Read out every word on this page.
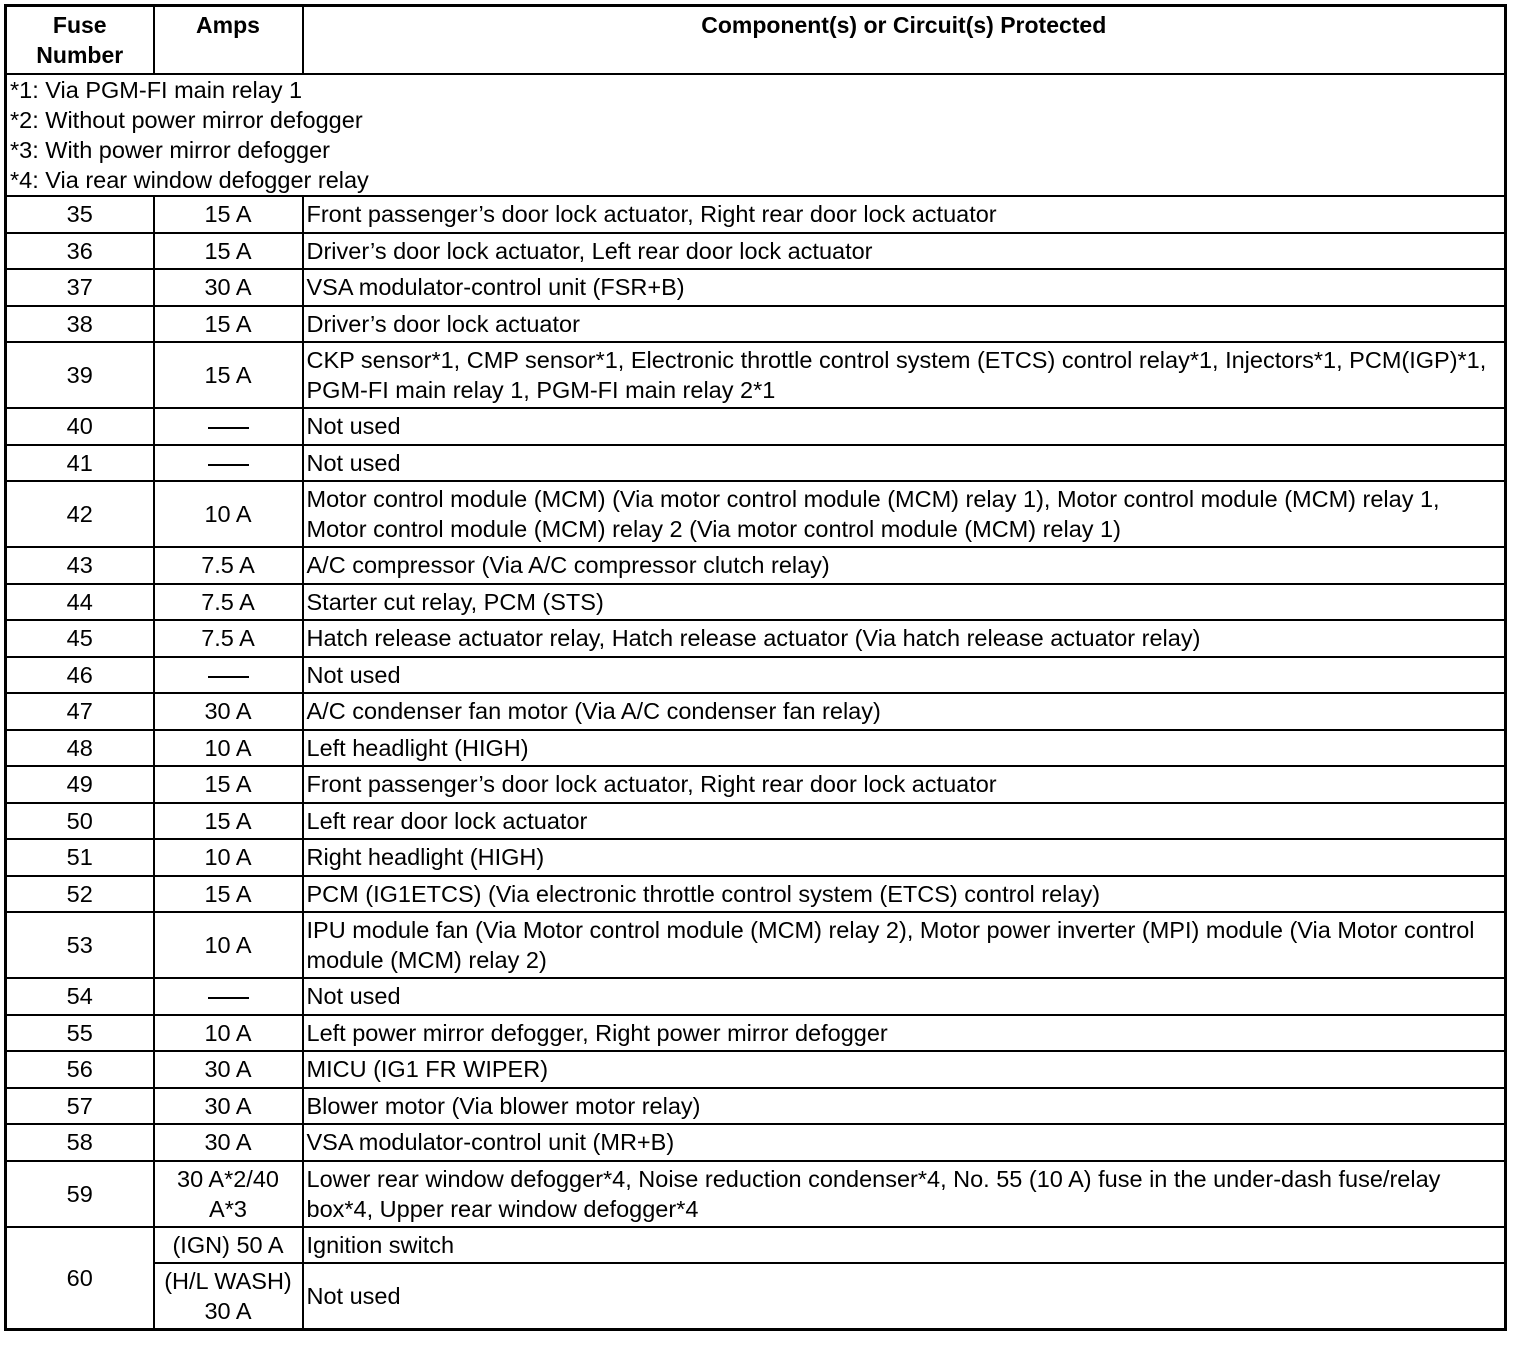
Fuse Number	Amps	Component(s) or Circuit(s) Protected

*1: Via PGM-FI main relay 1
*2: Without power mirror defogger
*3: With power mirror defogger
*4: Via rear window defogger relay		

35	15 A	Front passenger’s door lock actuator, Right rear door lock actuator
36	15 A	Driver’s door lock actuator, Left rear door lock actuator
37	30 A	VSA modulator-control unit (FSR+B)
38	15 A	Driver’s door lock actuator
39	15 A	CKP sensor*1, CMP sensor*1, Electronic throttle control system (ETCS) control relay*1, Injectors*1, PCM(IGP)*1, PGM-FI main relay 1, PGM-FI main relay 2*1
40		Not used
41		Not used
42	10 A	Motor control module (MCM) (Via motor control module (MCM) relay 1), Motor control module (MCM) relay 1, Motor control module (MCM) relay 2 (Via motor control module (MCM) relay 1)
43	7.5 A	A/C compressor (Via A/C compressor clutch relay)
44	7.5 A	Starter cut relay, PCM (STS)
45	7.5 A	Hatch release actuator relay, Hatch release actuator (Via hatch release actuator relay)
46		Not used
47	30 A	A/C condenser fan motor (Via A/C condenser fan relay)
48	10 A	Left headlight (HIGH)
49	15 A	Front passenger’s door lock actuator, Right rear door lock actuator
50	15 A	Left rear door lock actuator
51	10 A	Right headlight (HIGH)
52	15 A	PCM (IG1ETCS) (Via electronic throttle control system (ETCS) control relay)
53	10 A	IPU module fan (Via Motor control module (MCM) relay 2), Motor power inverter (MPI) module (Via Motor control module (MCM) relay 2)
54		Not used
55	10 A	Left power mirror defogger, Right power mirror defogger
56	30 A	MICU (IG1 FR WIPER)
57	30 A	Blower motor (Via blower motor relay)
58	30 A	VSA modulator-control unit (MR+B)
59	30 A*2/40 A*3	Lower rear window defogger*4, Noise reduction condenser*4, No. 55 (10 A) fuse in the under-dash fuse/relay box*4, Upper rear window defogger*4
60	(IGN) 50 A	Ignition switch
	(H/L WASH) 30 A	Not used
